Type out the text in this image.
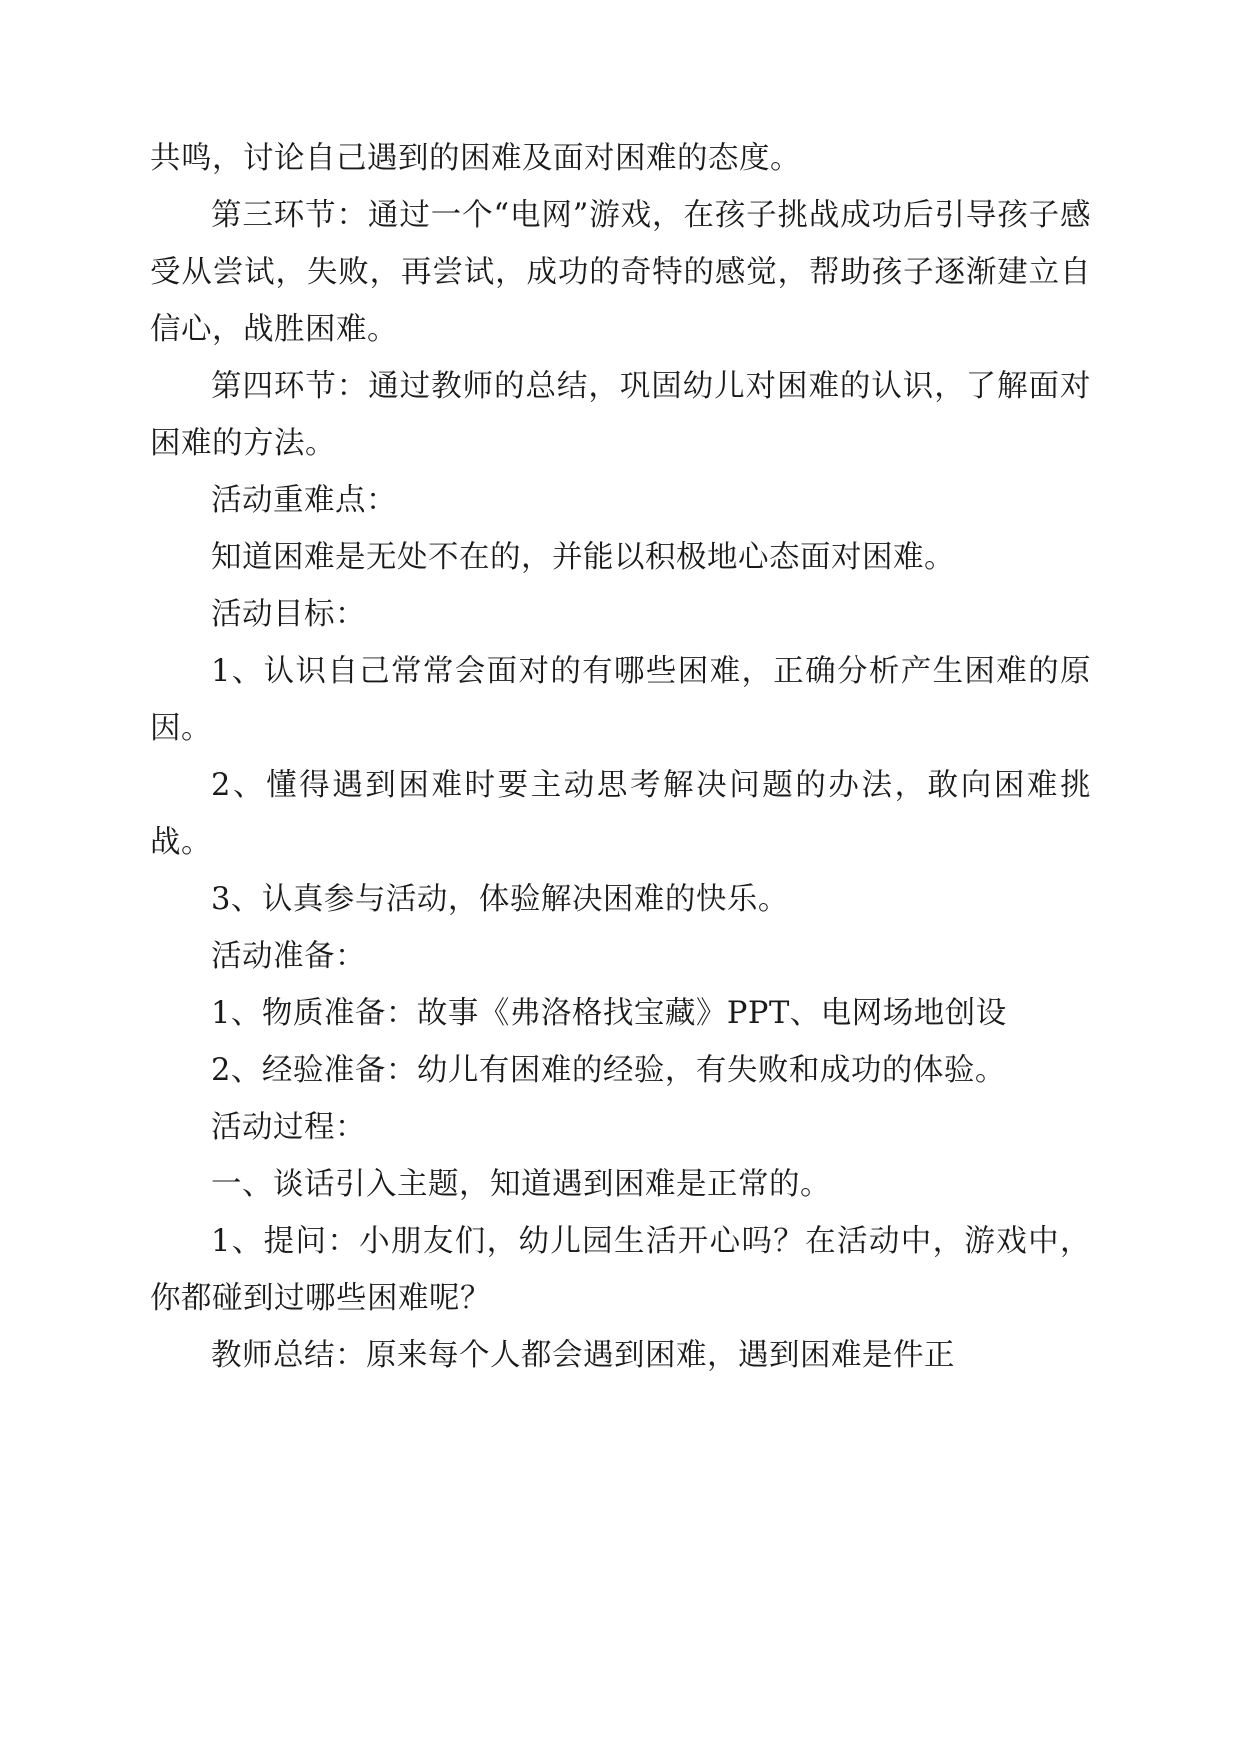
共鸣，讨论自己遇到的困难及面对困难的态度。

第三环节：通过一个“电网”游戏，在孩子挑战成功后引导孩子感受从尝试，失败，再尝试，成功的奇特的感觉，帮助孩子逐渐建立自信心，战胜困难。

第四环节：通过教师的总结，巩固幼儿对困难的认识，了解面对困难的方法。

活动重难点：

知道困难是无处不在的，并能以积极地心态面对困难。

活动目标：

1、认识自己常常会面对的有哪些困难，正确分析产生困难的原因。

2、懂得遇到困难时要主动思考解决问题的办法，敢向困难挑战。

3、认真参与活动，体验解决困难的快乐。

活动准备：

1、物质准备：故事《弗洛格找宝藏》PPT、电网场地创设

2、经验准备：幼儿有困难的经验，有失败和成功的体验。

活动过程：

一、谈话引入主题，知道遇到困难是正常的。

1、提问：小朋友们，幼儿园生活开心吗？在活动中，游戏中，你都碰到过哪些困难呢？

教师总结：原来每个人都会遇到困难，遇到困难是件正
